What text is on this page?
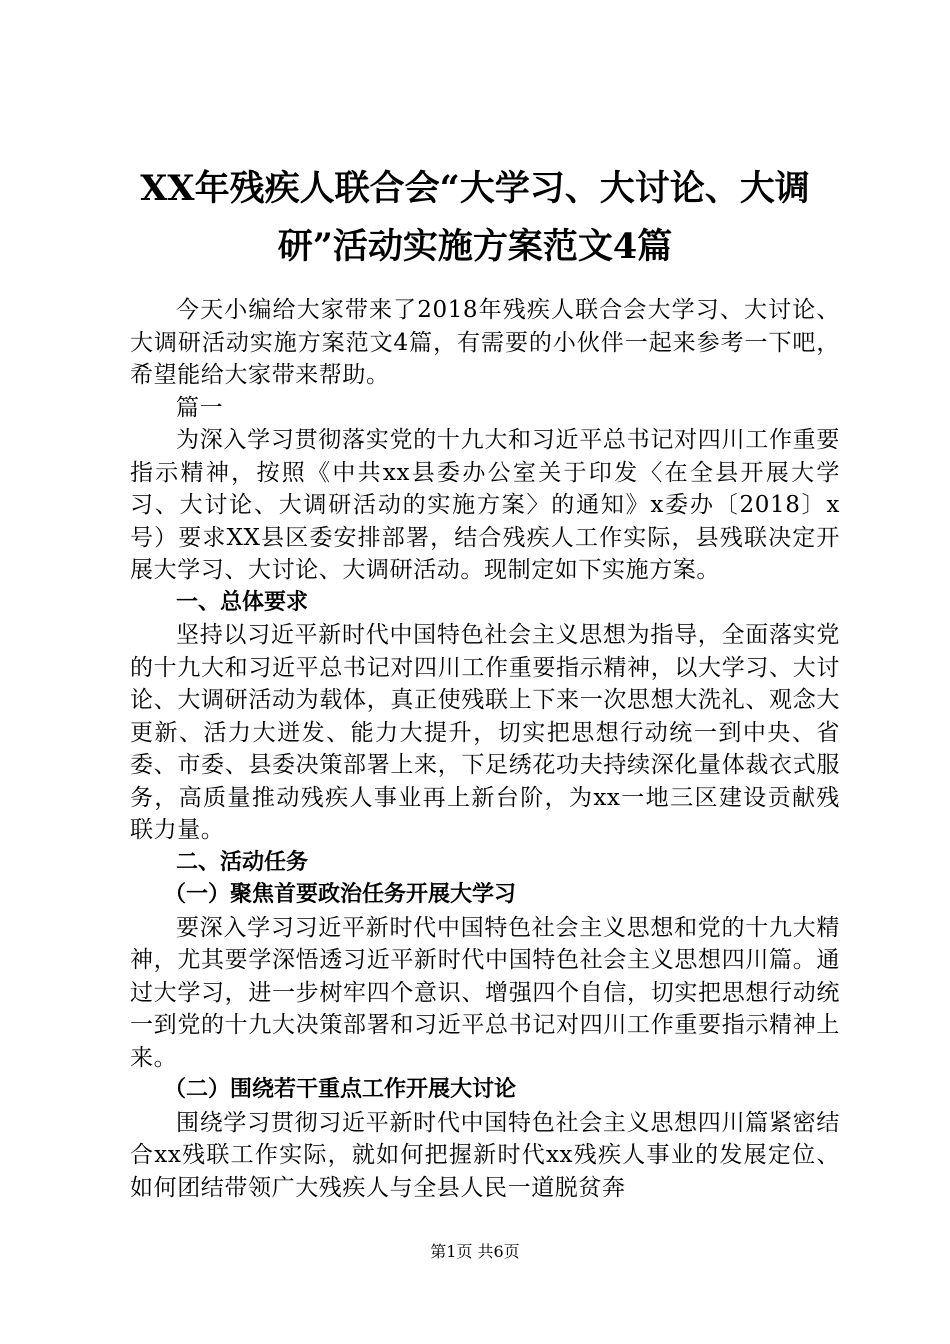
XX年残疾人联合会“大学习、大讨论、大调
研”活动实施方案范文4篇

今天小编给大家带来了2018年残疾人联合会大学习、大讨论、大调研活动实施方案范文4篇，有需要的小伙伴一起来参考一下吧，希望能给大家带来帮助。

篇一

为深入学习贯彻落实党的十九大和习近平总书记对四川工作重要指示精神，按照《中共xx县委办公室关于印发〈在全县开展大学习、大讨论、大调研活动的实施方案〉的通知》x委办〔2018〕x号）要求XX县区委安排部署，结合残疾人工作实际，县残联决定开展大学习、大讨论、大调研活动。现制定如下实施方案。

一、总体要求

坚持以习近平新时代中国特色社会主义思想为指导，全面落实党的十九大和习近平总书记对四川工作重要指示精神，以大学习、大讨论、大调研活动为载体，真正使残联上下来一次思想大洗礼、观念大更新、活力大迸发、能力大提升，切实把思想行动统一到中央、省委、市委、县委决策部署上来，下足绣花功夫持续深化量体裁衣式服务，高质量推动残疾人事业再上新台阶，为xx一地三区建设贡献残联力量。

二、活动任务

（一）聚焦首要政治任务开展大学习

要深入学习习近平新时代中国特色社会主义思想和党的十九大精神，尤其要学深悟透习近平新时代中国特色社会主义思想四川篇。通过大学习，进一步树牢四个意识、增强四个自信，切实把思想行动统一到党的十九大决策部署和习近平总书记对四川工作重要指示精神上来。

（二）围绕若干重点工作开展大讨论

围绕学习贯彻习近平新时代中国特色社会主义思想四川篇紧密结合xx残联工作实际，就如何把握新时代xx残疾人事业的发展定位、如何团结带领广大残疾人与全县人民一道脱贫奔

第1页 共6页
